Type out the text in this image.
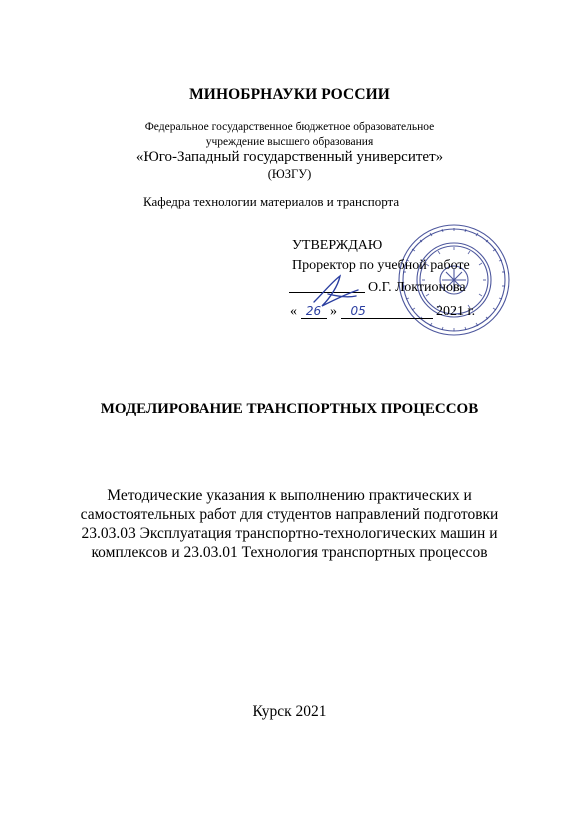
МИНОБРНАУКИ РОССИИ
Федеральное государственное бюджетное образовательное
учреждение высшего образования
«Юго-Западный государственный университет»
(ЮЗГУ)
Кафедра технологии материалов и транспорта
УТВЕРЖДАЮ
Проректор по учебной работе
О.Г. Локтионова
« 26 » 05	2021 г.
МОДЕЛИРОВАНИЕ ТРАНСПОРТНЫХ ПРОЦЕССОВ
Методические указания к выполнению практических и
самостоятельных работ для студентов направлений подготовки
23.03.03 Эксплуатация транспортно-технологических машин и
комплексов и 23.03.01 Технология транспортных процессов
Курск 2021
